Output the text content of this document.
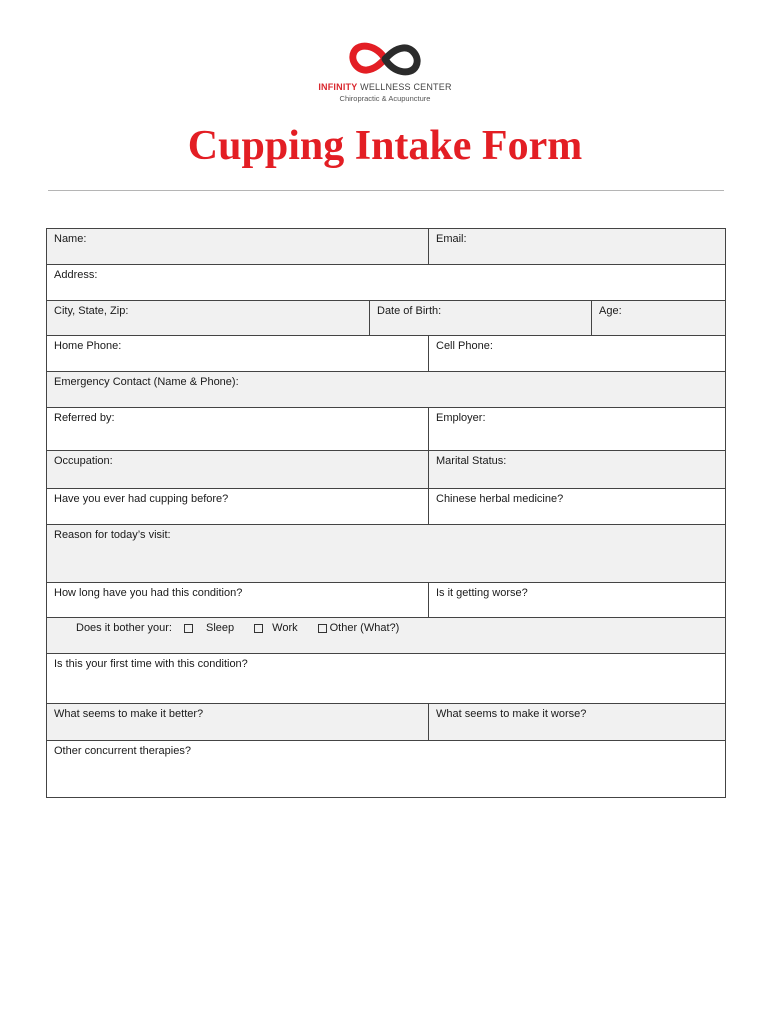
INFINITY WELLNESS CENTER
Chiropractic & Acupuncture
Cupping Intake Form
Name:	Email:
Address:
City, State, Zip:	Date of Birth:	Age:
Home Phone:	Cell Phone:
Emergency Contact (Name & Phone):
Referred by:	Employer:
Occupation:	Marital Status:
Have you ever had cupping before?	Chinese herbal medicine?
Reason for today’s visit:
How long have you had this condition?	Is it getting worse?
Does it bother your:	Sleep	Work	Other (What?)
Is this your first time with this condition?
What seems to make it better?	What seems to make it worse?
Other concurrent therapies?
